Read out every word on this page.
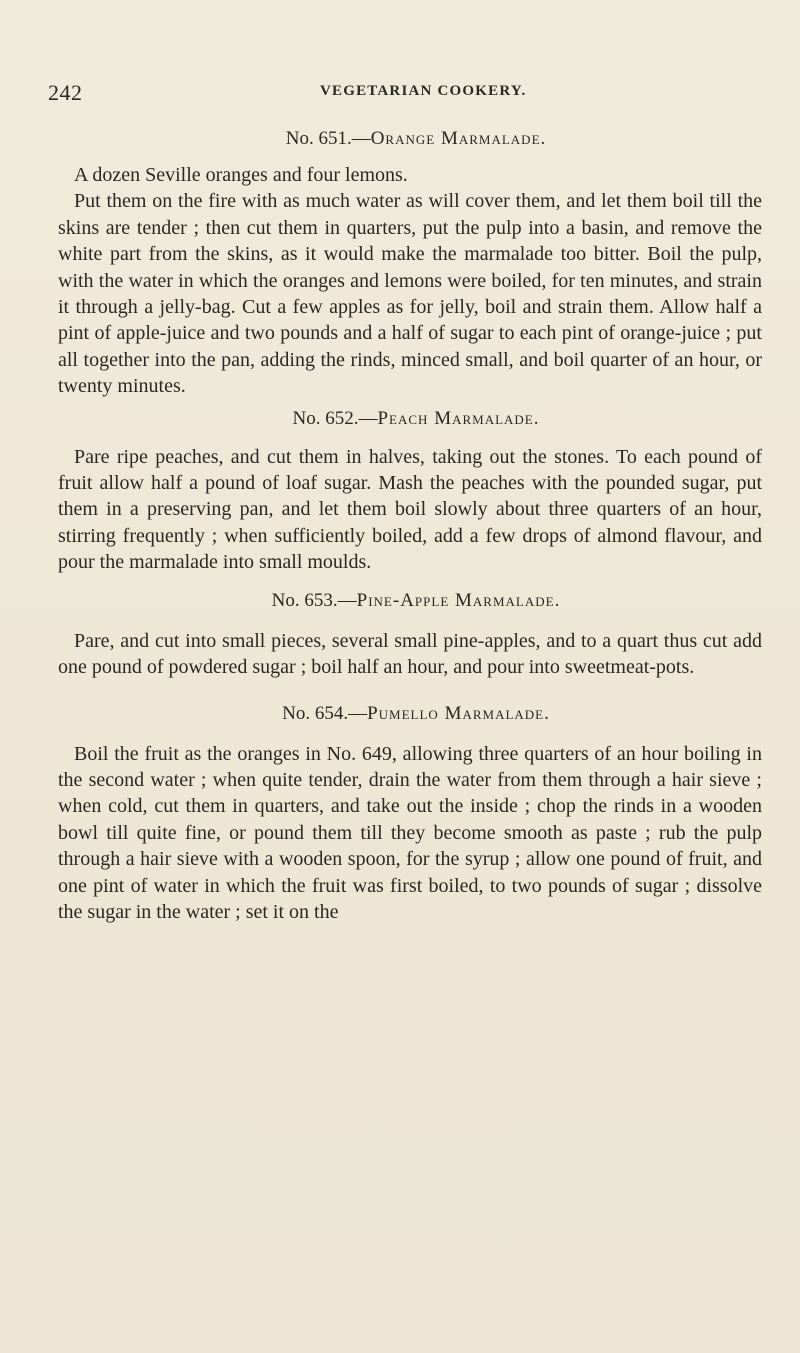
242	VEGETARIAN COOKERY.
No. 651.—Orange Marmalade.

A dozen Seville oranges and four lemons.

Put them on the fire with as much water as will cover them, and let them boil till the skins are tender ; then cut them in quarters, put the pulp into a basin, and remove the white part from the skins, as it would make the marmalade too bitter. Boil the pulp, with the water in which the oranges and lemons were boiled, for ten minutes, and strain it through a jelly-bag. Cut a few apples as for jelly, boil and strain them. Allow half a pint of apple-juice and two pounds and a half of sugar to each pint of orange-juice ; put all together into the pan, adding the rinds, minced small, and boil quarter of an hour, or twenty minutes.

No. 652.—Peach Marmalade.

Pare ripe peaches, and cut them in halves, taking out the stones. To each pound of fruit allow half a pound of loaf sugar. Mash the peaches with the pounded sugar, put them in a preserving pan, and let them boil slowly about three quarters of an hour, stirring frequently ; when sufficiently boiled, add a few drops of almond flavour, and pour the marmalade into small moulds.

No. 653.—Pine-Apple Marmalade.

Pare, and cut into small pieces, several small pine-apples, and to a quart thus cut add one pound of powdered sugar ; boil half an hour, and pour into sweetmeat-pots.

No. 654.—Pumello Marmalade.

Boil the fruit as the oranges in No. 649, allowing three quarters of an hour boiling in the second water ; when quite tender, drain the water from them through a hair sieve ; when cold, cut them in quarters, and take out the inside ; chop the rinds in a wooden bowl till quite fine, or pound them till they become smooth as paste ; rub the pulp through a hair sieve with a wooden spoon, for the syrup ; allow one pound of fruit, and one pint of water in which the fruit was first boiled, to two pounds of sugar ; dissolve the sugar in the water ; set it on the
